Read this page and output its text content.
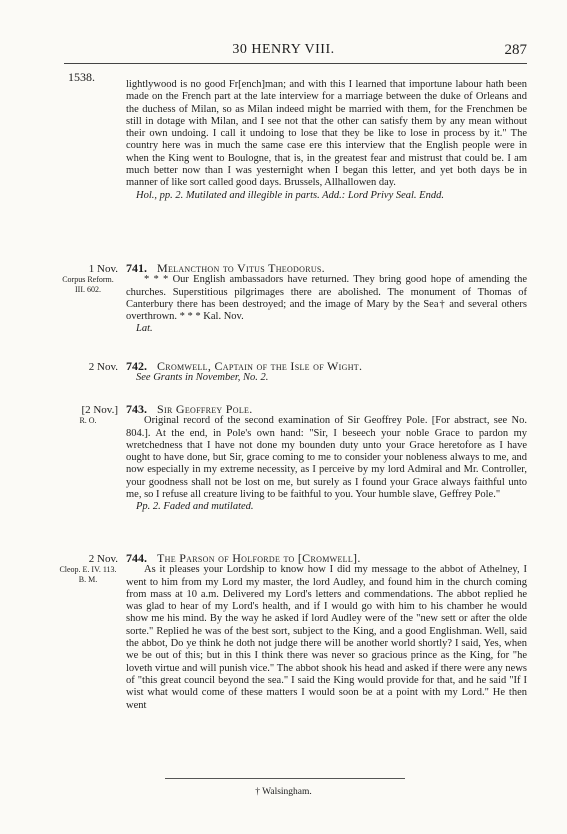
30 HENRY VIII.	287
1538.

lightlywood is no good Fr[ench]man; and with this I learned that importune labour hath been made on the French part at the late interview for a marriage between the duke of Orleans and the duchess of Milan, so as Milan indeed might be married with them, for the Frenchmen be still in dotage with Milan, and I see not that the other can satisfy them by any mean without their own undoing. I call it undoing to lose that they be like to lose in process by it." The country here was in much the same case ere this interview that the English people were in when the King went to Boulogne, that is, in the greatest fear and mistrust that could be. I am much better now than I was yesternight when I began this letter, and yet both days be in manner of like sort called good days. Brussels, Allhallowen day.

Hol., pp. 2. Mutilated and illegible in parts. Add.: Lord Privy Seal. Endd.

1 Nov.
Corpus Reform. III. 602.
741. Melancthon to Vitus Theodorus.

* * * Our English ambassadors have returned. They bring good hope of amending the churches. Superstitious pilgrimages there are abolished. The monument of Thomas of Canterbury there has been destroyed; and the image of Mary by the Sea† and several others overthrown. * * * Kal. Nov.

Lat.

2 Nov. 742. Cromwell, Captain of the Isle of Wight.

See Grants in November, No. 2.

[2 Nov.]
R. O.
743. Sir Geoffrey Pole.

Original record of the second examination of Sir Geoffrey Pole. [For abstract, see No. 804.]. At the end, in Pole's own hand: "Sir, I beseech your noble Grace to pardon my wretchedness that I have not done my bounden duty unto your Grace heretofore as I have ought to have done, but Sir, grace coming to me to consider your nobleness always to me, and now especially in my extreme necessity, as I perceive by my lord Admiral and Mr. Controller, your goodness shall not be lost on me, but surely as I found your Grace always faithful unto me, so I refuse all creature living to be faithful to you. Your humble slave, Geffrey Pole."

Pp. 2. Faded and mutilated.

2 Nov.
Cleop. E. IV. 113. B. M.
744. The Parson of Holforde to [Cromwell].

As it pleases your Lordship to know how I did my message to the abbot of Athelney, I went to him from my Lord my master, the lord Audley, and found him in the church coming from mass at 10 a.m. Delivered my Lord's letters and commendations. The abbot replied he was glad to hear of my Lord's health, and if I would go with him to his chamber he would show me his mind. By the way he asked if lord Audley were of the "new sett or after the olde sorte." Replied he was of the best sort, subject to the King, and a good Englishman. Well, said the abbot, Do ye think he doth not judge there will be another world shortly? I said, Yes, when we be out of this; but in this I think there was never so gracious prince as the King, for "he loveth virtue and will punish vice." The abbot shook his head and asked if there were any news of "this great council beyond the sea." I said the King would provide for that, and he said "If I wist what would come of these matters I would soon be at a point with my Lord." He then went

† Walsingham.
